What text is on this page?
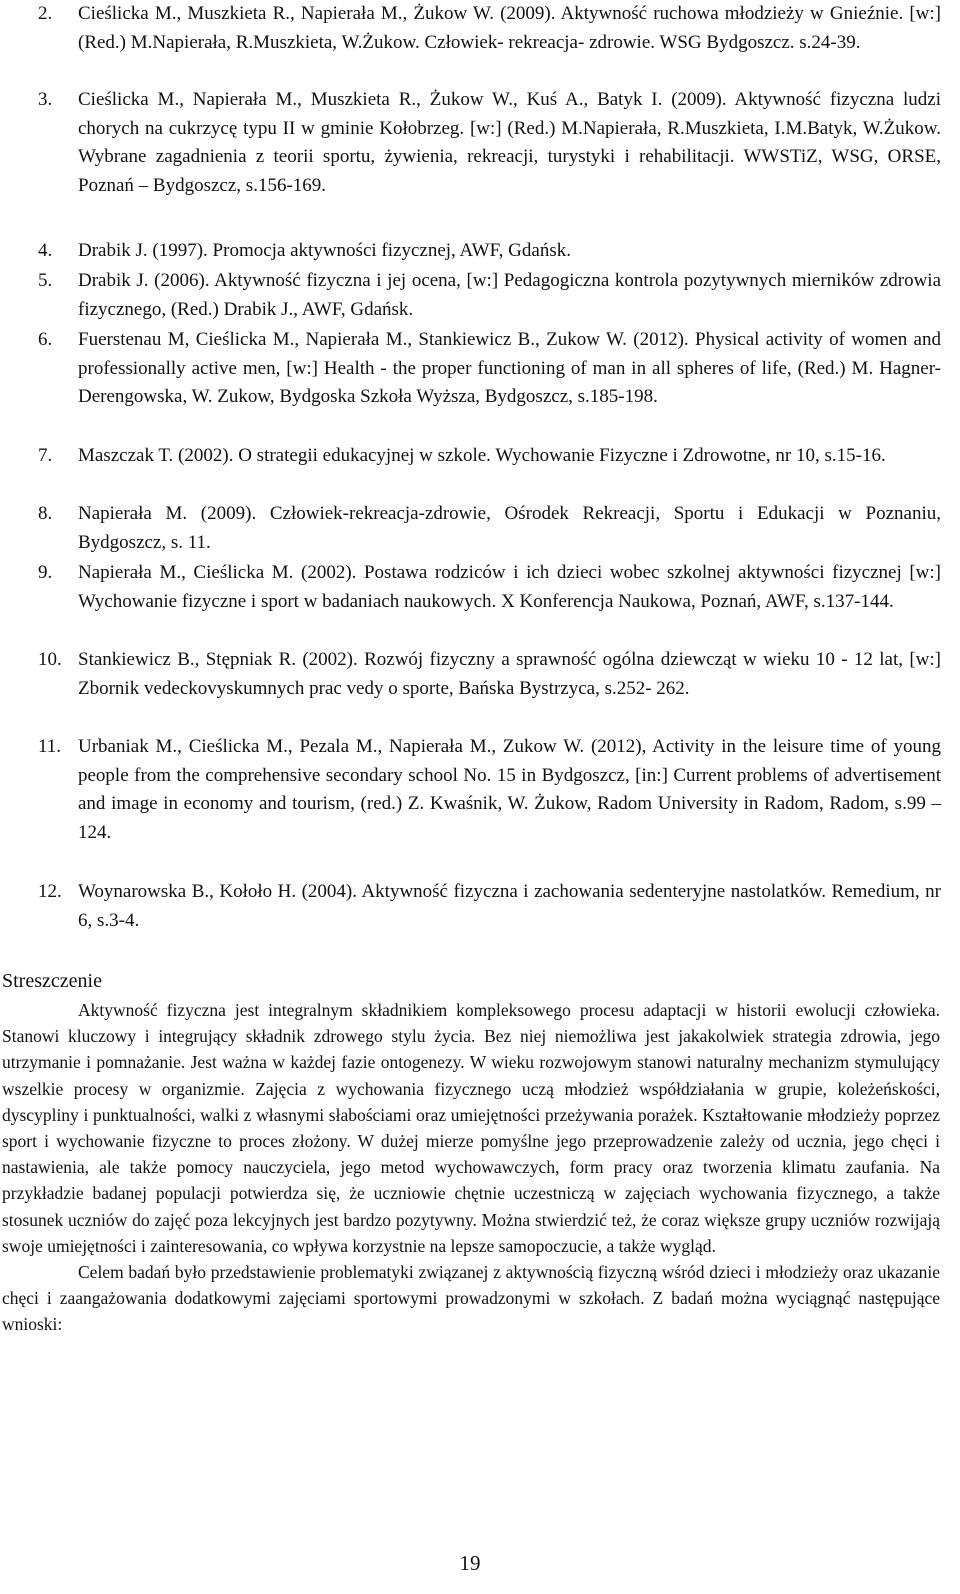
2. Cieślicka M., Muszkieta R., Napierała M., Żukow W. (2009). Aktywność ruchowa młodzieży w Gnieźnie. [w:] (Red.) M.Napierała, R.Muszkieta, W.Żukow. Człowiek- rekreacja- zdrowie. WSG Bydgoszcz. s.24-39.
3. Cieślicka M., Napierała M., Muszkieta R., Żukow W., Kuś A., Batyk I. (2009). Aktywność fizyczna ludzi chorych na cukrzycę typu II w gminie Kołobrzeg. [w:] (Red.) M.Napierała, R.Muszkieta, I.M.Batyk, W.Żukow. Wybrane zagadnienia z teorii sportu, żywienia, rekreacji, turystyki i rehabilitacji. WWSTiZ, WSG, ORSE, Poznań – Bydgoszcz, s.156-169.
4. Drabik J. (1997). Promocja aktywności fizycznej, AWF, Gdańsk.
5. Drabik J. (2006). Aktywność fizyczna i jej ocena, [w:] Pedagogiczna kontrola pozytywnych mierników zdrowia fizycznego, (Red.) Drabik J., AWF, Gdańsk.
6. Fuerstenau M, Cieślicka M., Napierała M., Stankiewicz B., Zukow W. (2012). Physical activity of women and professionally active men, [w:] Health - the proper functioning of man in all spheres of life, (Red.) M. Hagner-Derengowska, W. Zukow, Bydgoska Szkoła Wyższa, Bydgoszcz, s.185-198.
7. Maszczak T. (2002). O strategii edukacyjnej w szkole. Wychowanie Fizyczne i Zdrowotne, nr 10, s.15-16.
8. Napierała M. (2009). Człowiek-rekreacja-zdrowie, Ośrodek Rekreacji, Sportu i Edukacji w Poznaniu, Bydgoszcz, s. 11.
9. Napierała M., Cieślicka M. (2002). Postawa rodziców i ich dzieci wobec szkolnej aktywności fizycznej [w:] Wychowanie fizyczne i sport w badaniach naukowych. X Konferencja Naukowa, Poznań, AWF, s.137-144.
10. Stankiewicz B., Stępniak R. (2002). Rozwój fizyczny a sprawność ogólna dziewcząt w wieku 10 - 12 lat, [w:] Zbornik vedeckovyskumnych prac vedy o sporte, Bańska Bystrzyca, s.252- 262.
11. Urbaniak M., Cieślicka M., Pezala M., Napierała M., Zukow W. (2012), Activity in the leisure time of young people from the comprehensive secondary school No. 15 in Bydgoszcz, [in:] Current problems of advertisement and image in economy and tourism, (red.) Z. Kwaśnik, W. Żukow, Radom University in Radom, Radom, s.99 – 124.
12. Woynarowska B., Kołoło H. (2004). Aktywność fizyczna i zachowania sedenteryjne nastolatków. Remedium, nr 6, s.3-4.
Streszczenie

Aktywność fizyczna jest integralnym składnikiem kompleksowego procesu adaptacji w historii ewolucji człowieka. Stanowi kluczowy i integrujący składnik zdrowego stylu życia. Bez niej niemożliwa jest jakakolwiek strategia zdrowia, jego utrzymanie i pomnażanie. Jest ważna w każdej fazie ontogenezy. W wieku rozwojowym stanowi naturalny mechanizm stymulujący wszelkie procesy w organizmie. Zajęcia z wychowania fizycznego uczą młodzież współdziałania w grupie, koleżeńskości, dyscypliny i punktualności, walki z własnymi słabościami oraz umiejętności przeżywania porażek. Kształtowanie młodzieży poprzez sport i wychowanie fizyczne to proces złożony. W dużej mierze pomyślne jego przeprowadzenie zależy od ucznia, jego chęci i nastawienia, ale także pomocy nauczyciela, jego metod wychowawczych, form pracy oraz tworzenia klimatu zaufania. Na przykładzie badanej populacji potwierdza się, że uczniowie chętnie uczestniczą w zajęciach wychowania fizycznego, a także stosunek uczniów do zajęć poza lekcyjnych jest bardzo pozytywny. Można stwierdzić też, że coraz większe grupy uczniów rozwijają swoje umiejętności i zainteresowania, co wpływa korzystnie na lepsze samopoczucie, a także wygląd.

Celem badań było przedstawienie problematyki związanej z aktywnością fizyczną wśród dzieci i młodzieży oraz ukazanie chęci i zaangażowania dodatkowymi zajęciami sportowymi prowadzonymi w szkołach. Z badań można wyciągnąć następujące wnioski:

19
